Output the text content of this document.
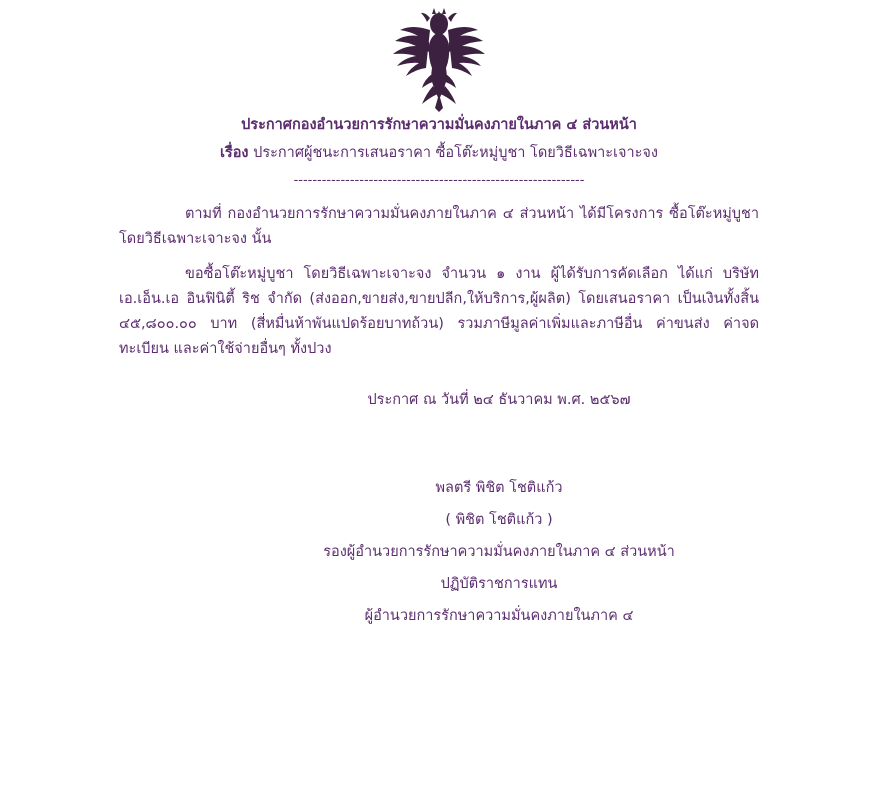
ประกาศกองอำนวยการรักษาความมั่นคงภายในภาค ๔ ส่วนหน้า
เรื่อง ประกาศผู้ชนะการเสนอราคา ซื้อโต๊ะหมู่บูชา โดยวิธีเฉพาะเจาะจง
--------------------------------------------------------------
ตามที่ กองอำนวยการรักษาความมั่นคงภายในภาค ๔ ส่วนหน้า ได้มีโครงการ ซื้อโต๊ะหมู่บูชา โดยวิธีเฉพาะเจาะจง นั้น
ขอซื้อโต๊ะหมู่บูชา โดยวิธีเฉพาะเจาะจง จำนวน ๑ งาน ผู้ได้รับการคัดเลือก ได้แก่ บริษัท เอ.เอ็น.เอ อินฟินิตี้ ริช จำกัด (ส่งออก,ขายส่ง,ขายปลีก,ให้บริการ,ผู้ผลิต) โดยเสนอราคา เป็นเงินทั้งสิ้น ๔๕,๘๐๐.๐๐ บาท (สี่หมื่นห้าพันแปดร้อยบาทถ้วน) รวมภาษีมูลค่าเพิ่มและภาษีอื่น ค่าขนส่ง ค่าจดทะเบียน และค่าใช้จ่ายอื่นๆ ทั้งปวง
ประกาศ ณ วันที่ ๒๔ ธันวาคม พ.ศ. ๒๕๖๗
พลตรี พิชิต โชติแก้ว
( พิชิต โชติแก้ว )
รองผู้อำนวยการรักษาความมั่นคงภายในภาค ๔ ส่วนหน้า
ปฏิบัติราชการแทน
ผู้อำนวยการรักษาความมั่นคงภายในภาค ๔
